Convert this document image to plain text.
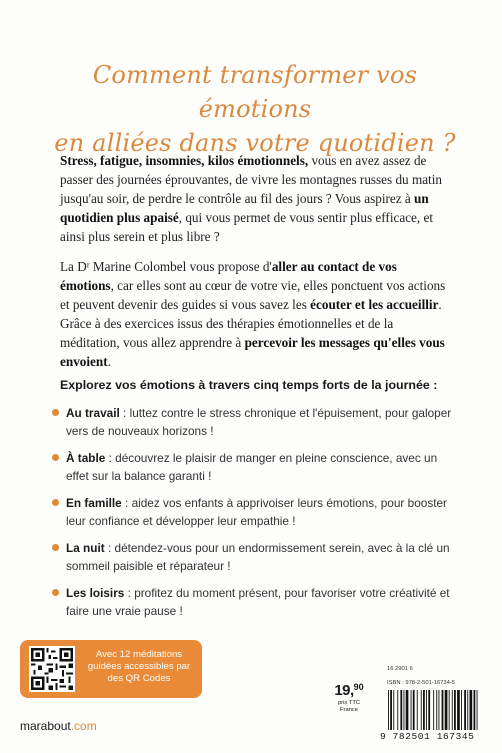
Comment transformer vos émotions
en alliées dans votre quotidien ?
Stress, fatigue, insomnies, kilos émotionnels, vous en avez assez de passer des journées éprouvantes, de vivre les montagnes russes du matin jusqu'au soir, de perdre le contrôle au fil des jours ? Vous aspirez à un quotidien plus apaisé, qui vous permet de vous sentir plus efficace, et ainsi plus serein et plus libre ?
La Dʳ Marine Colombel vous propose d'aller au contact de vos émotions, car elles sont au cœur de votre vie, elles ponctuent vos actions et peuvent devenir des guides si vous savez les écouter et les accueillir. Grâce à des exercices issus des thérapies émotionnelles et de la méditation, vous allez apprendre à percevoir les messages qu'elles vous envoient.
Explorez vos émotions à travers cinq temps forts de la journée :
Au travail : luttez contre le stress chronique et l'épuisement, pour galoper vers de nouveaux horizons !
À table : découvrez le plaisir de manger en pleine conscience, avec un effet sur la balance garanti !
En famille : aidez vos enfants à apprivoiser leurs émotions, pour booster leur confiance et développer leur empathie !
La nuit : détendez-vous pour un endormissement serein, avec à la clé un sommeil paisible et réparateur !
Les loisirs : profitez du moment présent, pour favoriser votre créativité et faire une vraie pause !
Avec 12 méditations guidées accessibles par des QR Codes
marabout.com
19,90
prix TTC
France
16 2901 6
ISBN : 978-2-501-16734-5
9 782501 167345
